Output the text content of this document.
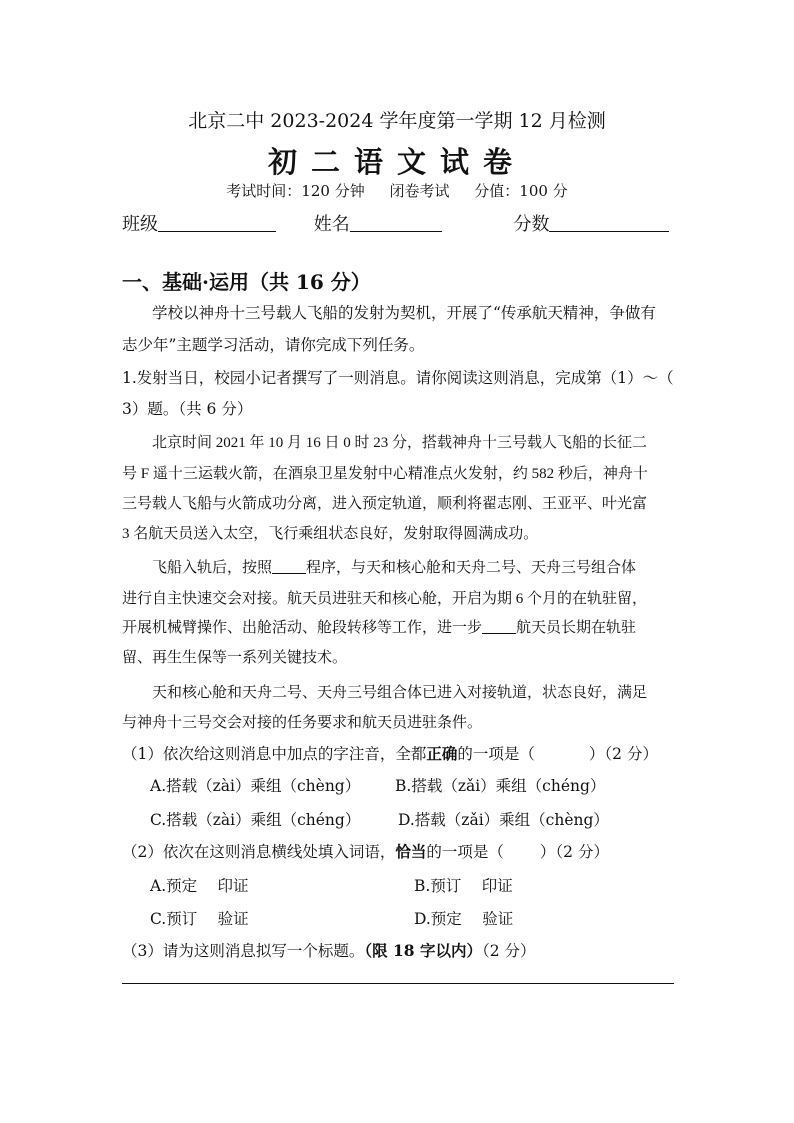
北京二中 2023-2024 学年度第一学期 12 月检测
初二语文试卷
考试时间：120 分钟 闭卷考试 分值：100 分
班级	姓名	分数
一、基础·运用（共 16 分）
学校以神舟十三号载人飞船的发射为契机，开展了“传承航天精神，争做有
志少年”主题学习活动，请你完成下列任务。
1.发射当日，校园小记者撰写了一则消息。请你阅读这则消息，完成第（1）～（
3）题。（共 6 分）
北京时间 2021 年 10 月 16 日 0 时 23 分，搭载神舟十三号载人飞船的长征二
号 F 遥十三运载火箭，在酒泉卫星发射中心精准点火发射，约 582 秒后，神舟十
三号载人飞船与火箭成功分离，进入预定轨道，顺利将翟志刚、王亚平、叶光富
3 名航天员送入太空，飞行乘组状态良好，发射取得圆满成功。
飞船入轨后，按照 程序，与天和核心舱和天舟二号、天舟三号组合体
进行自主快速交会对接。航天员进驻天和核心舱，开启为期 6 个月的在轨驻留，
开展机械臂操作、出舱活动、舱段转移等工作，进一步 航天员长期在轨驻
留、再生生保等一系列关键技术。
天和核心舱和天舟二号、天舟三号组合体已进入对接轨道，状态良好，满足
与神舟十三号交会对接的任务要求和航天员进驻条件。
（1）依次给这则消息中加点的字注音，全都正确的一项是（	）（2 分）
A.搭载（zài）乘组（chèng） B.搭载（zǎi）乘组（chéng）
C.搭载（zài）乘组（chéng） D.搭载（zǎi）乘组（chèng）
（2）依次在这则消息横线处填入词语，恰当的一项是（ ）（2 分）
A.预定　 印证	B.预订　 印证
C.预订　 验证	D.预定　 验证
（3）请为这则消息拟写一个标题。（限 18 字以内）（2 分）
